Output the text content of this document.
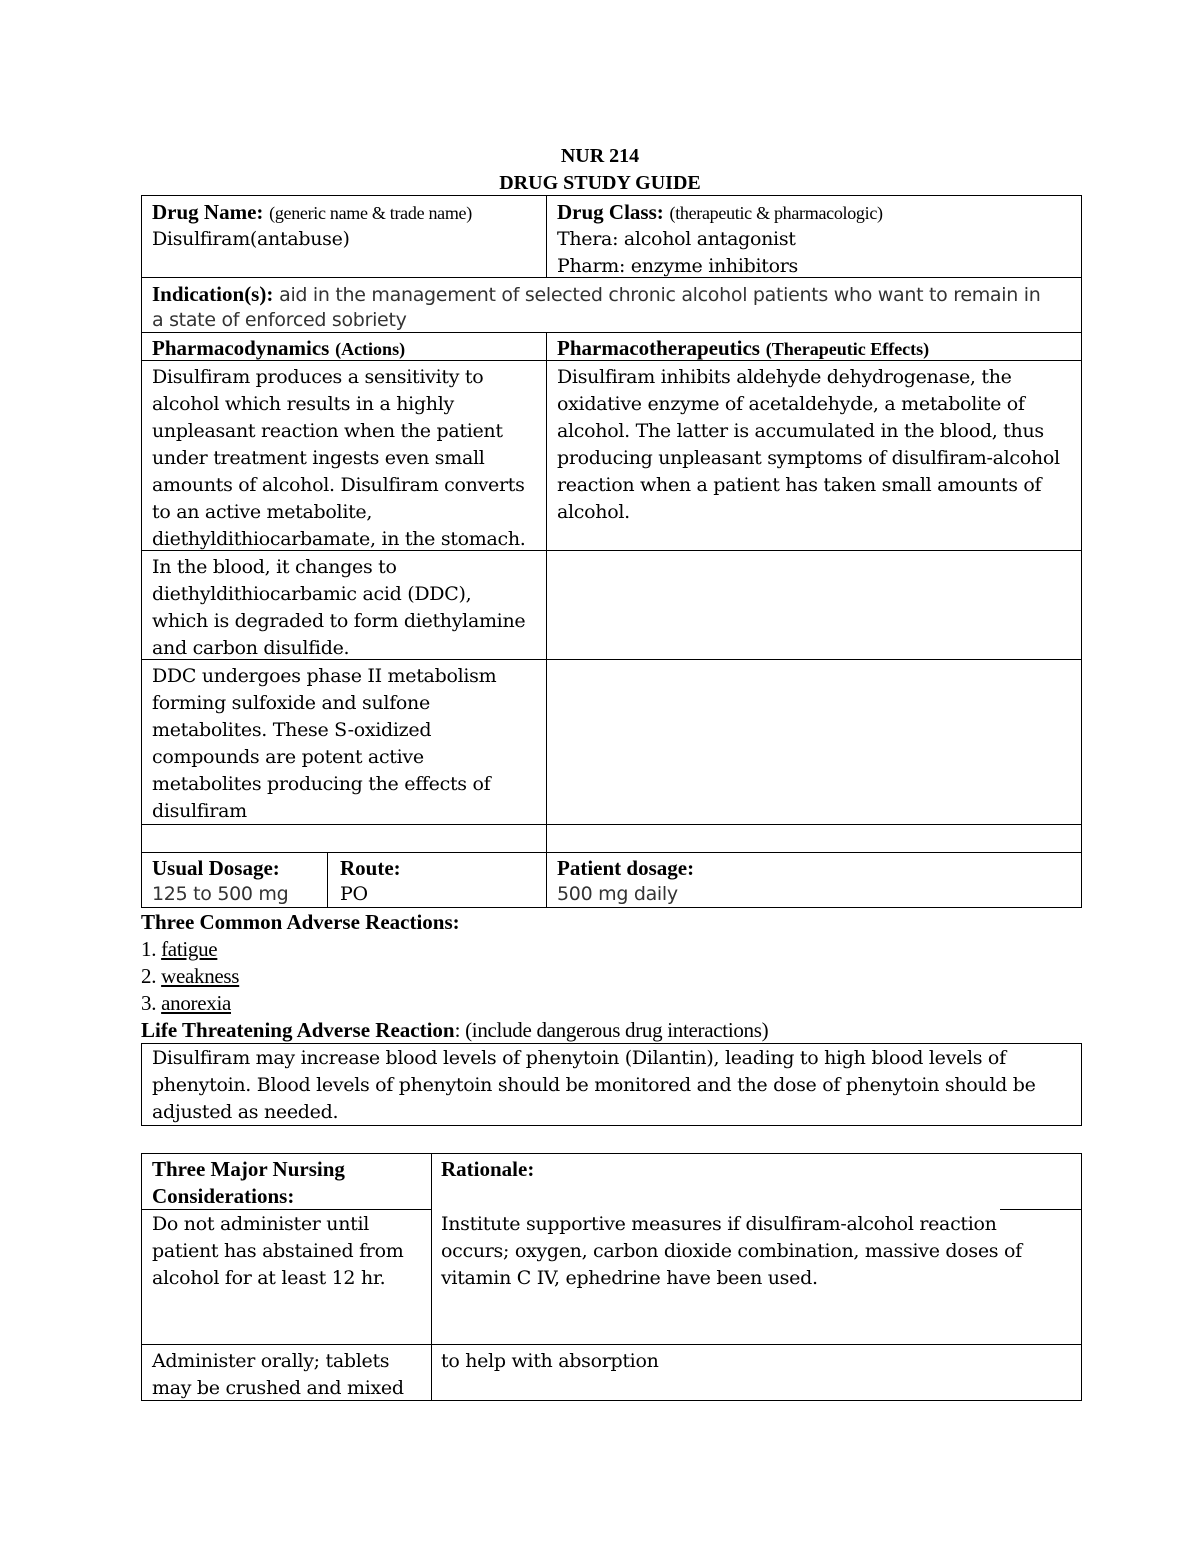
NUR 214
DRUG STUDY GUIDE
Drug Name: (generic name & trade name)
Disulfiram(antabuse)
Drug Class: (therapeutic & pharmacologic)
Thera: alcohol antagonist
Pharm: enzyme inhibitors
Indication(s): aid in the management of selected chronic alcohol patients who want to remain in
a state of enforced sobriety
Pharmacodynamics (Actions)	Pharmacotherapeutics (Therapeutic Effects)
Disulfiram produces a sensitivity to
alcohol which results in a highly
unpleasant reaction when the patient
under treatment ingests even small
amounts of alcohol. Disulfiram converts
to an active metabolite,
diethyldithiocarbamate, in the stomach.
Disulfiram inhibits aldehyde dehydrogenase, the
oxidative enzyme of acetaldehyde, a metabolite of
alcohol. The latter is accumulated in the blood, thus
producing unpleasant symptoms of disulfiram-alcohol
reaction when a patient has taken small amounts of
alcohol.
In the blood, it changes to
diethyldithiocarbamic acid (DDC),
which is degraded to form diethylamine
and carbon disulfide.
DDC undergoes phase II metabolism
forming sulfoxide and sulfone
metabolites. These S-oxidized
compounds are potent active
metabolites producing the effects of
disulfiram
Usual Dosage:
125 to 500 mg
Route:
PO
Patient dosage:
500 mg daily
Three Common Adverse Reactions:
1. fatigue
2. weakness
3. anorexia
Life Threatening Adverse Reaction: (include dangerous drug interactions)
Disulfiram may increase blood levels of phenytoin (Dilantin), leading to high blood levels of
phenytoin. Blood levels of phenytoin should be monitored and the dose of phenytoin should be
adjusted as needed.
Three Major Nursing
Considerations:
Rationale:
Do not administer until
patient has abstained from
alcohol for at least 12 hr.
Institute supportive measures if disulfiram-alcohol reaction
occurs; oxygen, carbon dioxide combination, massive doses of
vitamin C IV, ephedrine have been used.
Administer orally; tablets
may be crushed and mixed
to help with absorption
